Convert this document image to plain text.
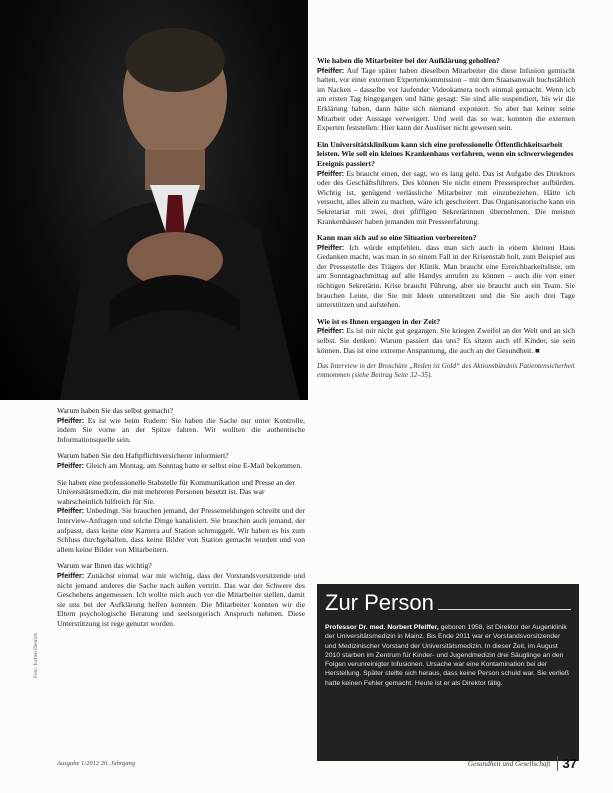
Warum haben Sie das selbst gemacht?
Pfeiffer: Es ist wie beim Rudern: Sie haben die Sache nur unter Kontrolle, indem Sie vorne an der Spitze fahren. Wir wollten die authentische Informationsquelle sein.
Warum haben Sie den Haftpflichtversicherer informiert?
Pfeiffer: Gleich am Montag, am Sonntag hatte er selbst eine E-Mail bekommen.
Sie haben eine professionelle Stabstelle für Kommunikation und Presse an der Universitätsmedizin, die mit mehreren Personen besetzt ist. Das war wahrscheinlich hilfreich für Sie.
Pfeiffer: Unbedingt. Sie brauchen jemand, der Pressemeldungen schreibt und der Interview-Anfragen und solche Dinge kanalisiert. Sie brauchen auch jemand, der aufpasst, dass keine eine Kamera auf Station schmuggelt. Wir haben es bis zum Schluss durchgehalten, dass keine Bilder von Station gemacht wurden und von allem keine Bilder von Mitarbeitern.
Warum war Ihnen das wichtig?
Pfeiffer: Zunächst einmal war mir wichtig, dass der Vorstandsvorsitzende und nicht jemand anderes die Sache nach außen vertritt. Das war der Schwere des Geschehens angemessen. Ich wollte mich auch vor die Mitarbeiter stellen, damit sie uns bei der Aufklärung helfen konnten. Die Mitarbeiter konnten wir die Eltern psychologische Beratung und seelsorgerisch Anspruch nehmen. Diese Unterstützung ist rege genutzt worden.
Wie haben die Mitarbeiter bei der Aufklärung geholfen?
Pfeiffer: Auf Tage später haben dieselben Mitarbeiter die diese Infusion gemischt hatten, vor einer externen Expertenkommission – mit dem Staatsanwalt buchstäblich im Nacken – dasselbe vor laufender Videokamera noch einmal gemacht. Wenn ich am ersten Tag hingegangen und hätte gesagt: Sie sind alle suspendiert, bis wir die Erklärung haben, dann hätte sich niemand exponiert. So aber hat keiner seine Mitarbeit oder Aussage verweigert. Und weil das so war, konnten die externen Experten feststellen: Hier kann der Auslöser nicht gewesen sein.
Ein Universitätsklinikum kann sich eine professionelle Öffentlichkeitsarbeit leisten. Wie soll ein kleines Krankenhaus verfahren, wenn ein schwerwiegendes Ereignis passiert?
Pfeiffer: Es braucht einen, der sagt, wo es lang geht. Das ist Aufgabe des Direktors oder des Geschäftsführers. Des können Sie nicht einem Pressesprecher aufbürden. Wichtig ist, genügend verlässliche Mitarbeiter mit einzubeziehen. Hätte ich versucht, alles allein zu machen, wäre ich gescheitert. Das Organisatorische kann ein Sekretariat mit zwei, drei pfiffigen Sekretärinnen übernehmen. Die meisten Krankenhäuser haben jemanden mit Presseerfahrung.
Kann man sich auf so eine Situation vorbereiten?
Pfeiffer: Ich würde empfehlen, dass man sich auch in einem kleinen Haus Gedanken macht, was man in so einem Fall in der Krisenstab holt, zum Beispiel aus der Pressestelle des Trägers der Klinik. Man braucht eine Erreichbarkeitsliste, um am Sonntagnachmittag auf alle Handys anrufen zu können – auch die von einer tüchtigen Sekretärin. Krise braucht Führung, aber sie braucht auch ein Team. Sie brauchen Leute, die Sie mit Ideen unterstützen und die Sie auch drei Tage unterstützen und aufstehen.
Wie ist es Ihnen ergangen in der Zeit?
Pfeiffer: Es ist mir nicht gut gegangen. Sie kriegen Zweifel an der Welt und an sich selbst. Sie denken: Warum passiert das uns? Es sitzen auch elf Kinder, sie sein können. Das ist eine extreme Anspannung, die auch an der Gesundheit. ■
Das Interview in der Broschüre „Reden ist Gold“ des Aktionsbündnis Patientensicherheit entnommen (siehe Beitrag Seite 32–35).
Zur Person
Professor Dr. med. Norbert Pfeiffer, geboren 1958, ist Direktor der Augenklinik der Universitätsmedizin in Mainz. Bis Ende 2011 war er Vorstandsvorsitzender und Medizinischer Vorstand der Universitätsmedizin. In dieser Zeit, im August 2010 starben im Zentrum für Kinder- und Jugendmedizin drei Säuglinge an den Folgen verunreinigter Infusionen. Ursache war eine Kontamination bei der Herstellung. Später stellte sich heraus, dass keine Person schuld war. Sie verließ hatte keinen Fehler gemacht. Heute ist er als Direktor tätig.
Foto: Jochen Dietrich
Ausgabe 1/2012 20. Jahrgang	Gesundheit und Gesellschaft 37
